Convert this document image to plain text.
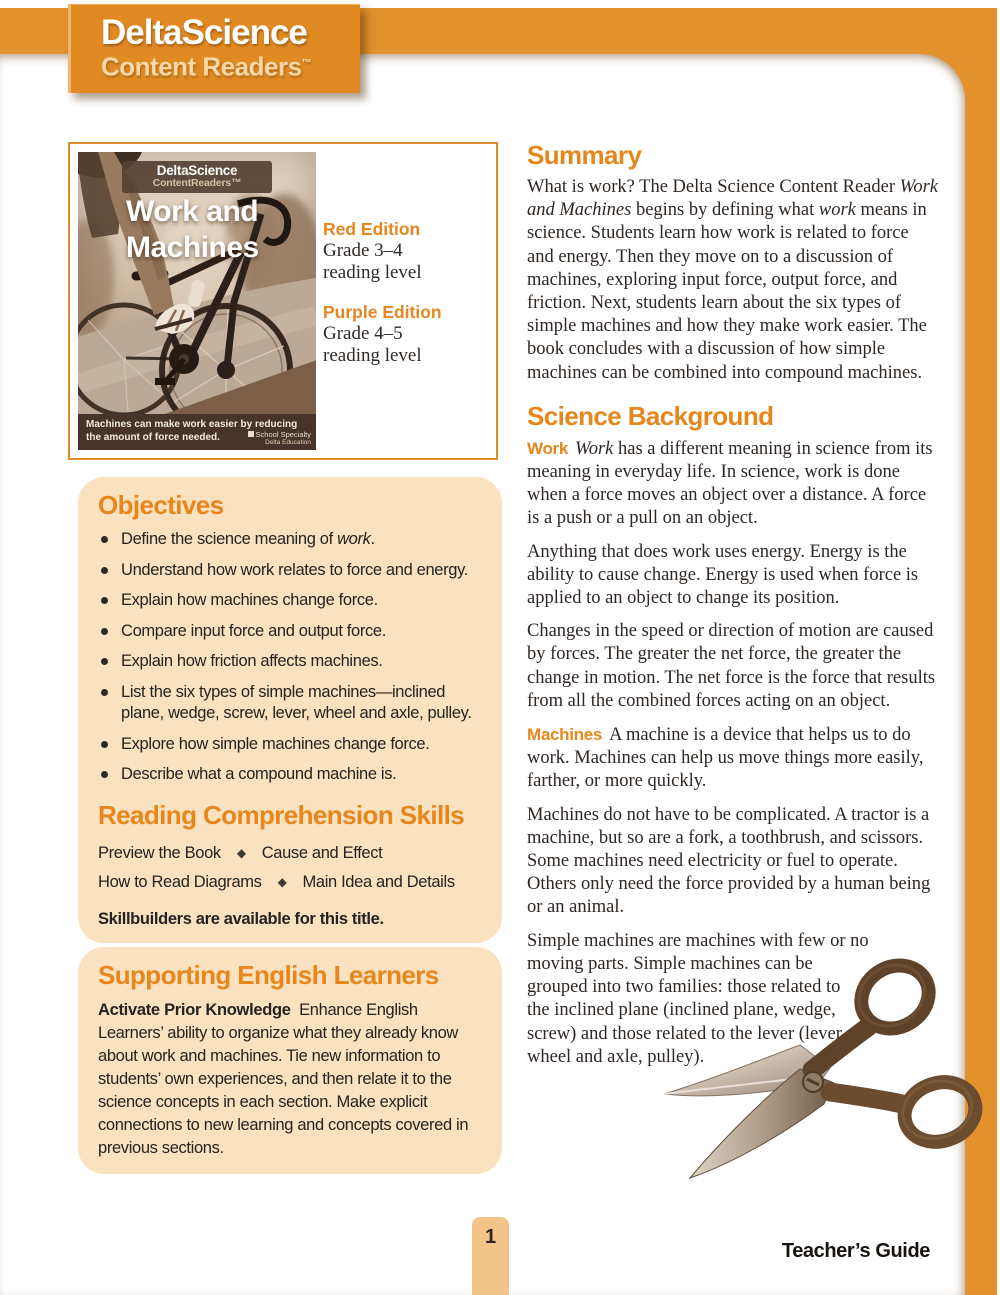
DeltaScience
Content Readers™
DeltaScience
ContentReaders™
Work and
Machines
Machines can make work easier by reducing
the amount of force needed.	School Specialty
Delta Education
Red Edition
Grade 3–4
reading level
Purple Edition
Grade 4–5
reading level
Objectives
Define the science meaning of work.
Understand how work relates to force and energy.
Explain how machines change force.
Compare input force and output force.
Explain how friction affects machines.
List the six types of simple machines—inclined plane, wedge, screw, lever, wheel and axle, pulley.
Explore how simple machines change force.
Describe what a compound machine is.
Reading Comprehension Skills
Preview the Book ◆ Cause and Effect
How to Read Diagrams ◆ Main Idea and Details
Skillbuilders are available for this title.
Supporting English Learners
Activate Prior Knowledge Enhance English Learners’ ability to organize what they already know about work and machines. Tie new information to students’ own experiences, and then relate it to the science concepts in each section. Make explicit connections to new learning and concepts covered in previous sections.
Summary

What is work? The Delta Science Content Reader Work and Machines begins by defining what work means in science. Students learn how work is related to force and energy. Then they move on to a discussion of machines, exploring input force, output force, and friction. Next, students learn about the six types of simple machines and how they make work easier. The book concludes with a discussion of how simple machines can be combined into compound machines.

Science Background

Work Work has a different meaning in science from its meaning in everyday life. In science, work is done when a force moves an object over a distance. A force is a push or a pull on an object.

Anything that does work uses energy. Energy is the ability to cause change. Energy is used when force is applied to an object to change its position.

Changes in the speed or direction of motion are caused by forces. The greater the net force, the greater the change in motion. The net force is the force that results from all the combined forces acting on an object.

Machines A machine is a device that helps us to do work. Machines can help us move things more easily, farther, or more quickly.

Machines do not have to be complicated. A tractor is a machine, but so are a fork, a toothbrush, and scissors. Some machines need electricity or fuel to operate. Others only need the force provided by a human being or an animal.

Simple machines are machines with few or no moving parts. Simple machines can be grouped into two families: those related to the inclined plane (inclined plane, wedge, screw) and those related to the lever (lever, wheel and axle, pulley).

1
Teacher’s Guide
